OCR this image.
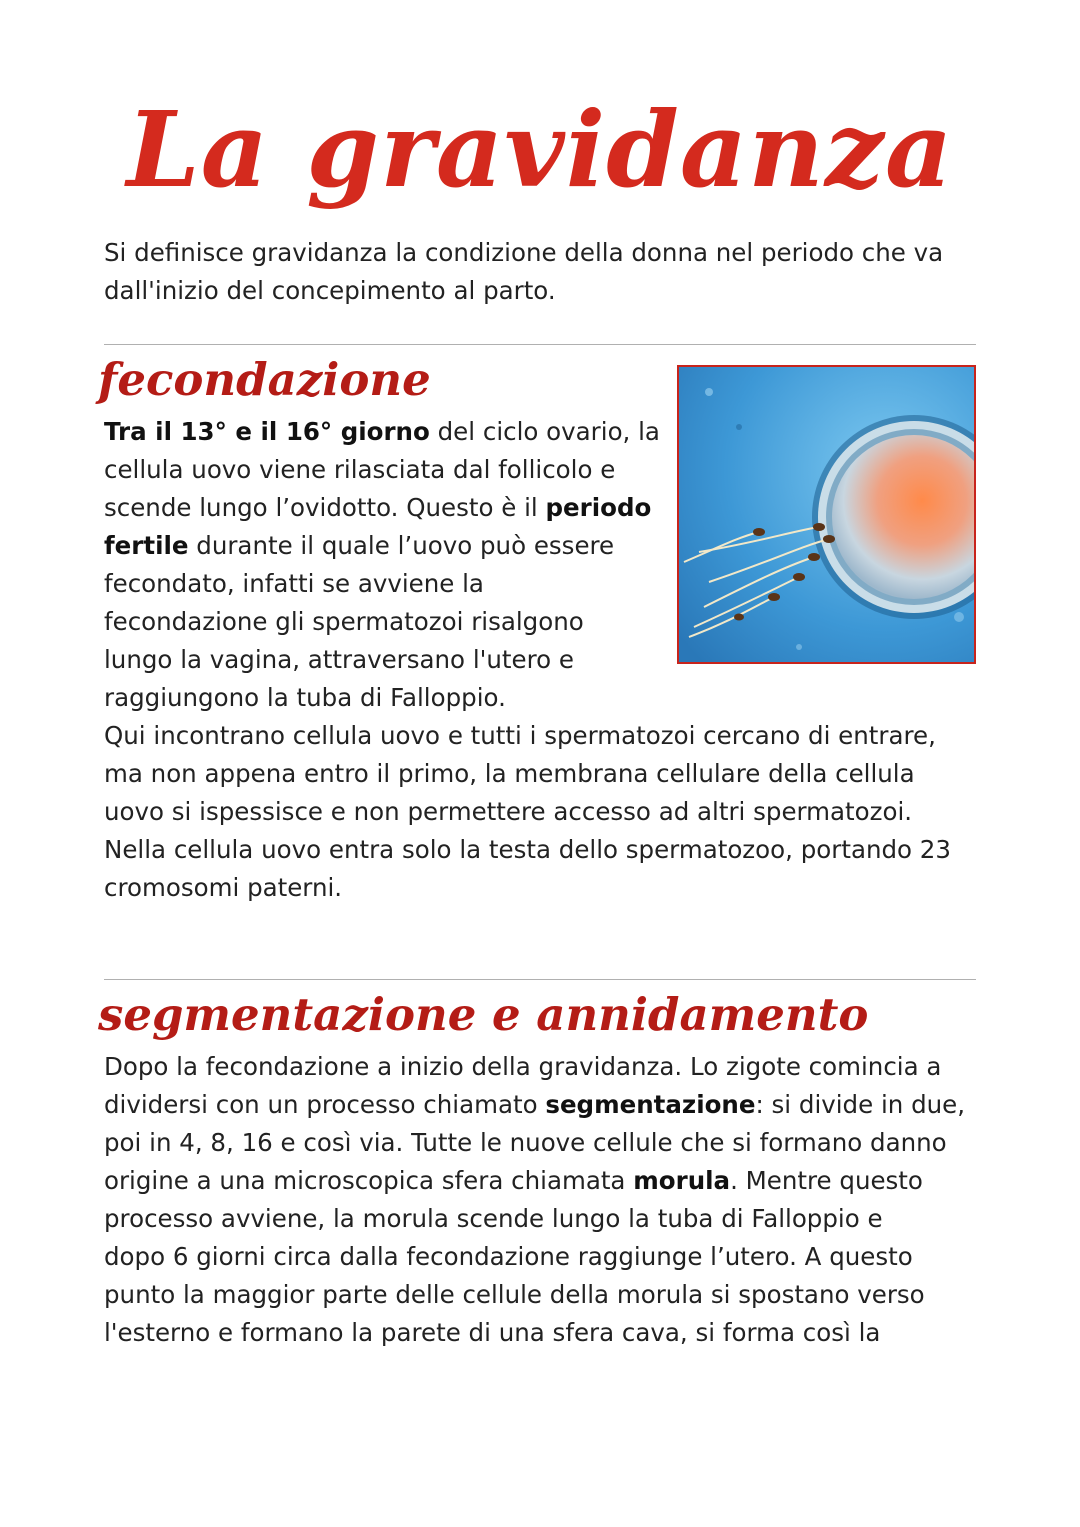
La gravidanza

Si definisce gravidanza la condizione della donna nel periodo che va
dall'inizio del concepimento al parto.

fecondazione
Tra il 13° e il 16° giorno del ciclo ovario, la
cellula uovo viene rilasciata dal follicolo e
scende lungo l’ovidotto. Questo è il periodo
fertile durante il quale l’uovo può essere
fecondato, infatti se avviene la
fecondazione gli spermatozoi risalgono
lungo la vagina, attraversano l'utero e
raggiungono la tuba di Falloppio.
Qui incontrano cellula uovo e tutti i spermatozoi cercano di entrare,
ma non appena entro il primo, la membrana cellulare della cellula
uovo si ispessisce e non permettere accesso ad altri spermatozoi.
Nella cellula uovo entra solo la testa dello spermatozoo, portando 23
cromosomi paterni.
segmentazione e annidamento
Dopo la fecondazione a inizio della gravidanza. Lo zigote comincia a
dividersi con un processo chiamato segmentazione: si divide in due,
poi in 4, 8, 16 e così via. Tutte le nuove cellule che si formano danno
origine a una microscopica sfera chiamata morula. Mentre questo
processo avviene, la morula scende lungo la tuba di Falloppio e
dopo 6 giorni circa dalla fecondazione raggiunge l’utero. A questo
punto la maggior parte delle cellule della morula si spostano verso
l'esterno e formano la parete di una sfera cava, si forma così la
